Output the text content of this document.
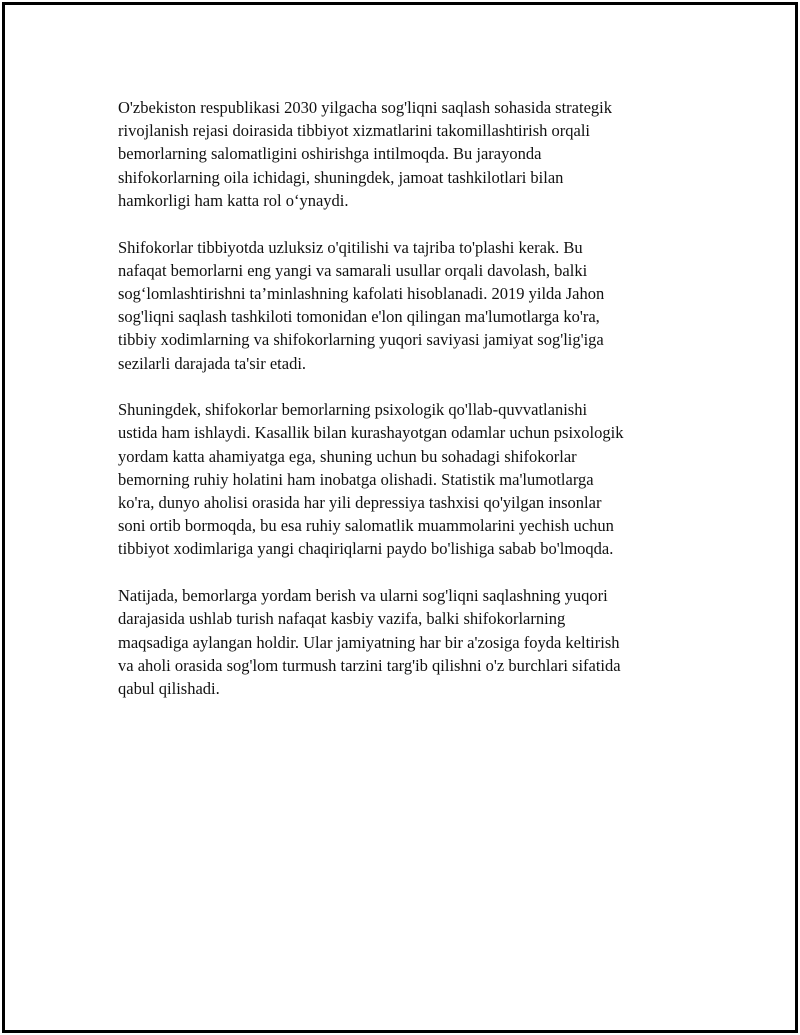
O'zbekiston respublikasi 2030 yilgacha sog'liqni saqlash sohasida strategik
rivojlanish rejasi doirasida tibbiyot xizmatlarini takomillashtirish orqali
bemorlarning salomatligini oshirishga intilmoqda. Bu jarayonda
shifokorlarning oila ichidagi, shuningdek, jamoat tashkilotlari bilan
hamkorligi ham katta rol o‘ynaydi.

Shifokorlar tibbiyotda uzluksiz o'qitilishi va tajriba to'plashi kerak. Bu
nafaqat bemorlarni eng yangi va samarali usullar orqali davolash, balki
sog‘lomlashtirishni ta’minlashning kafolati hisoblanadi. 2019 yilda Jahon
sog'liqni saqlash tashkiloti tomonidan e'lon qilingan ma'lumotlarga ko'ra,
tibbiy xodimlarning va shifokorlarning yuqori saviyasi jamiyat sog'lig'iga
sezilarli darajada ta'sir etadi.

Shuningdek, shifokorlar bemorlarning psixologik qo'llab-quvvatlanishi
ustida ham ishlaydi. Kasallik bilan kurashayotgan odamlar uchun psixologik
yordam katta ahamiyatga ega, shuning uchun bu sohadagi shifokorlar
bemorning ruhiy holatini ham inobatga olishadi. Statistik ma'lumotlarga
ko'ra, dunyo aholisi orasida har yili depressiya tashxisi qo'yilgan insonlar
soni ortib bormoqda, bu esa ruhiy salomatlik muammolarini yechish uchun
tibbiyot xodimlariga yangi chaqiriqlarni paydo bo'lishiga sabab bo'lmoqda.

Natijada, bemorlarga yordam berish va ularni sog'liqni saqlashning yuqori
darajasida ushlab turish nafaqat kasbiy vazifa, balki shifokorlarning
maqsadiga aylangan holdir. Ular jamiyatning har bir a'zosiga foyda keltirish
va aholi orasida sog'lom turmush tarzini targ'ib qilishni o'z burchlari sifatida
qabul qilishadi.
